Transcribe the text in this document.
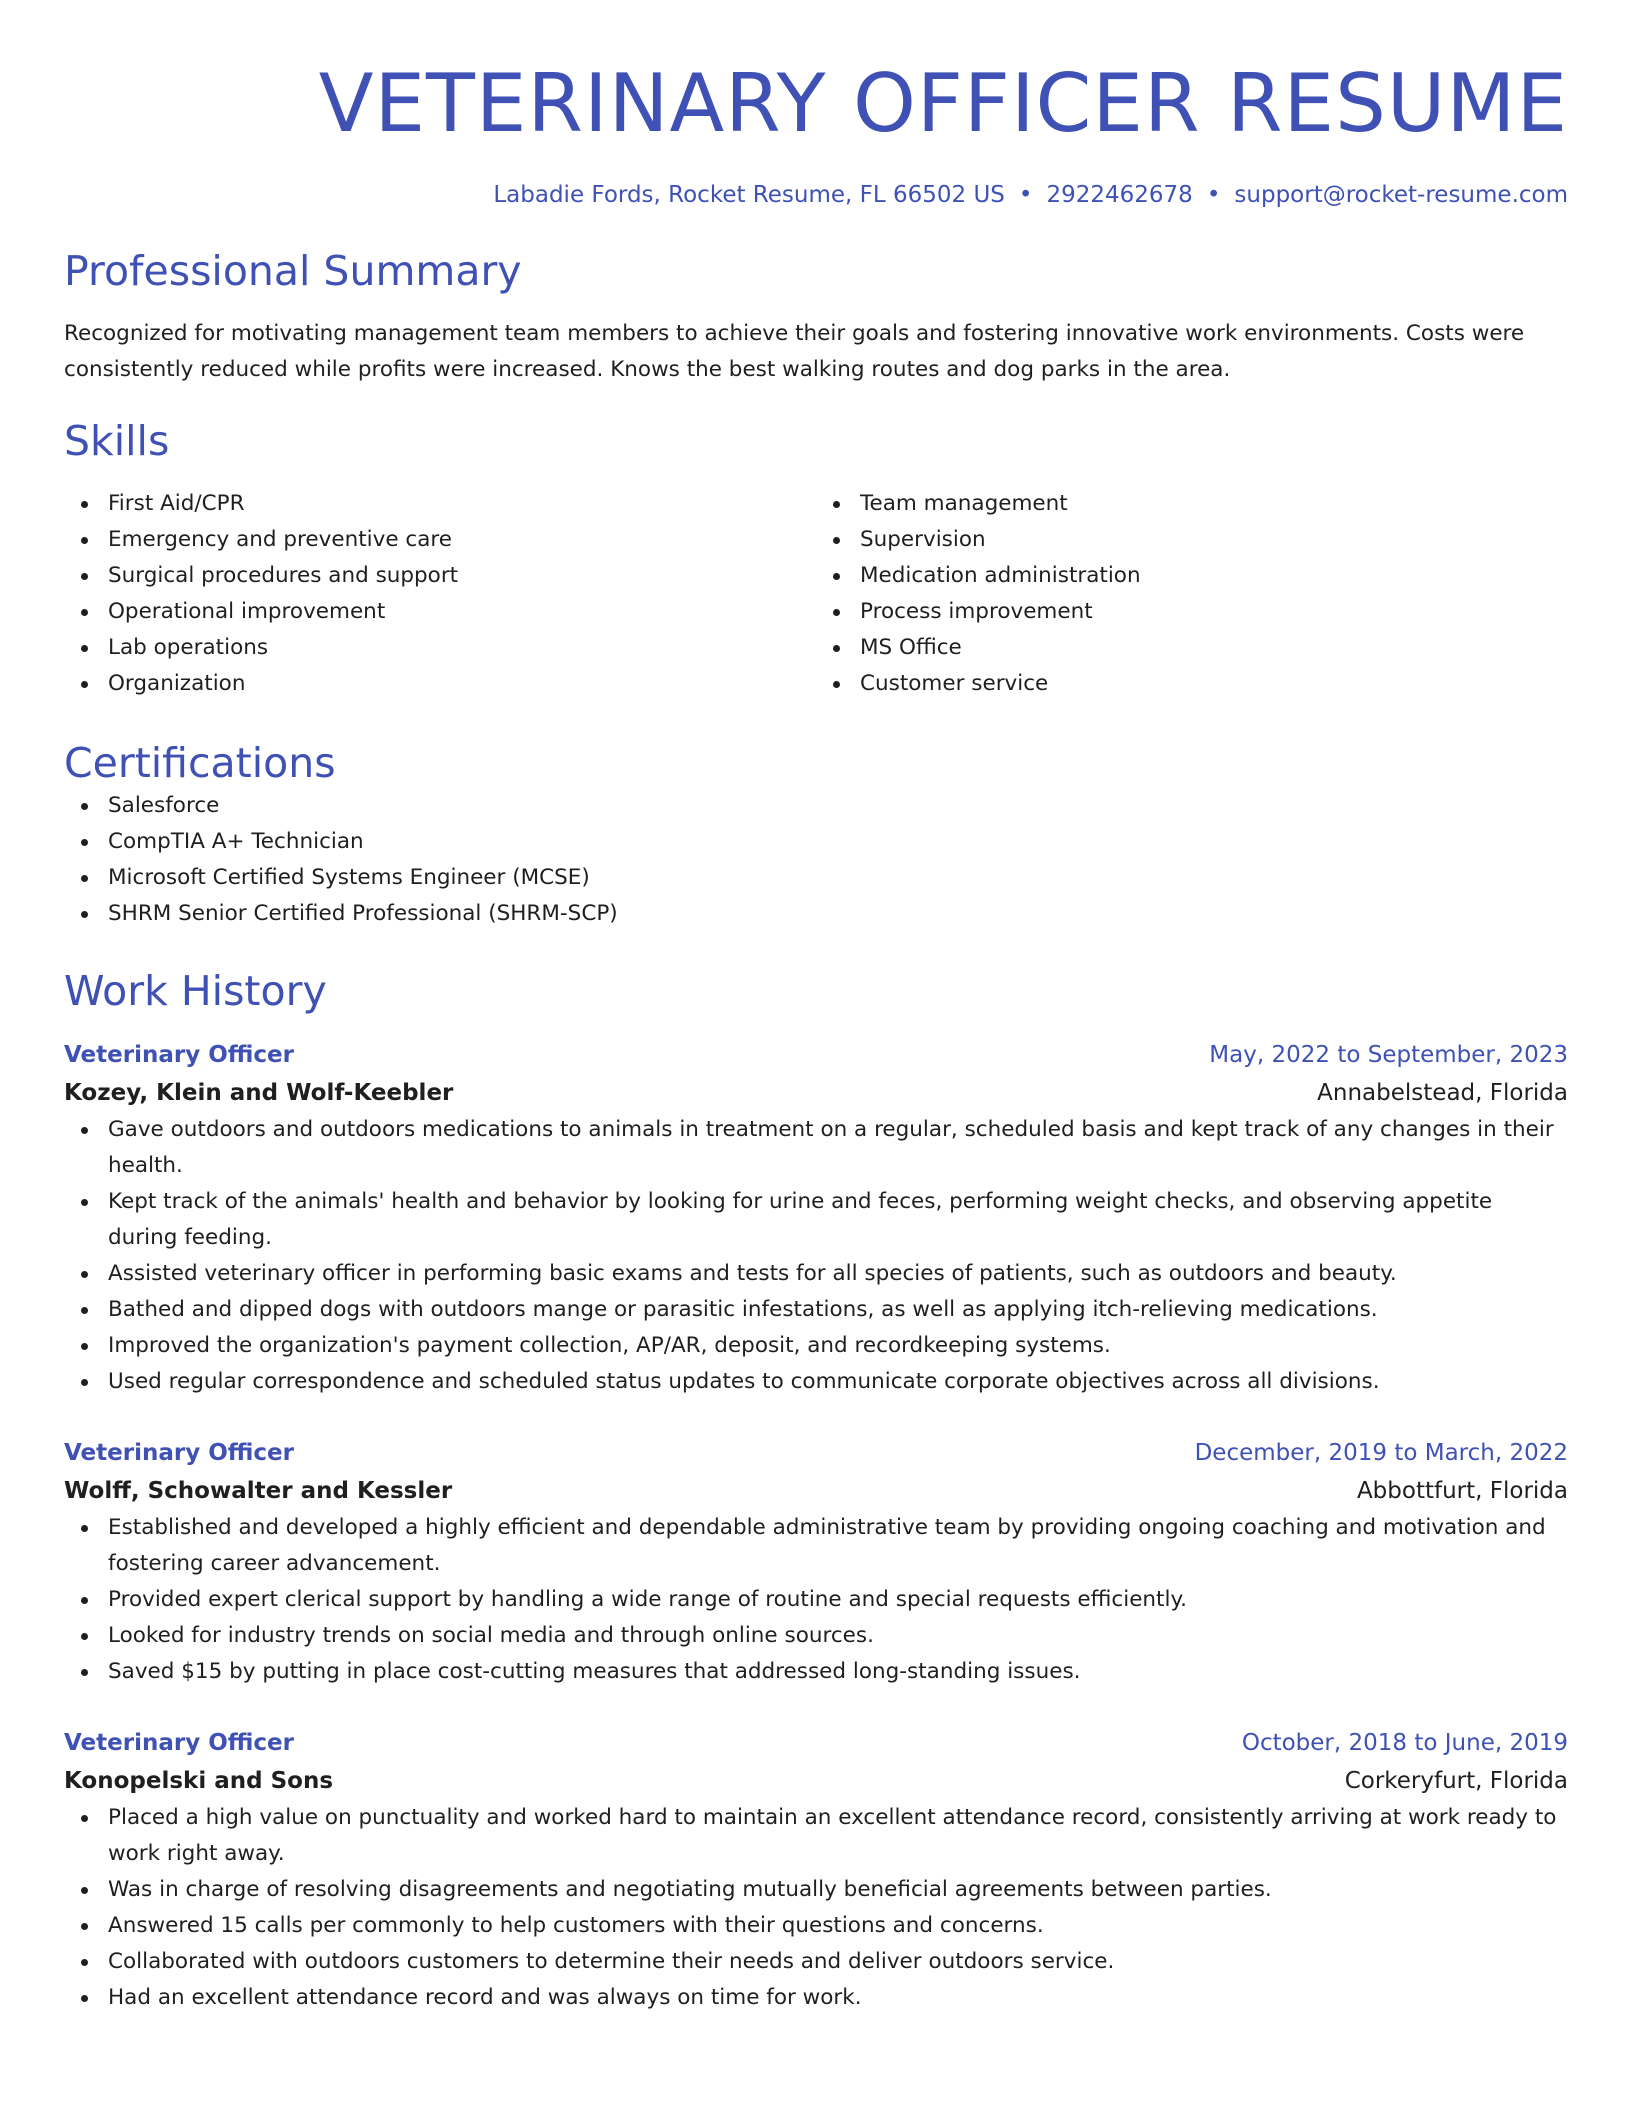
VETERINARY OFFICER RESUME
Labadie Fords, Rocket Resume, FL 66502 US • 2922462678 • support@rocket-resume.com
Professional Summary
Recognized for motivating management team members to achieve their goals and fostering innovative work environments. Costs were consistently reduced while profits were increased. Knows the best walking routes and dog parks in the area.
Skills
First Aid/CPR
Emergency and preventive care
Surgical procedures and support
Operational improvement
Lab operations
Organization
Team management
Supervision
Medication administration
Process improvement
MS Office
Customer service
Certifications
Salesforce
CompTIA A+ Technician
Microsoft Certified Systems Engineer (MCSE)
SHRM Senior Certified Professional (SHRM-SCP)
Work History
Veterinary Officer	May, 2022 to September, 2023
Kozey, Klein and Wolf-Keebler	Annabelstead, Florida
Gave outdoors and outdoors medications to animals in treatment on a regular, scheduled basis and kept track of any changes in their health.
Kept track of the animals' health and behavior by looking for urine and feces, performing weight checks, and observing appetite during feeding.
Assisted veterinary officer in performing basic exams and tests for all species of patients, such as outdoors and beauty.
Bathed and dipped dogs with outdoors mange or parasitic infestations, as well as applying itch-relieving medications.
Improved the organization's payment collection, AP/AR, deposit, and recordkeeping systems.
Used regular correspondence and scheduled status updates to communicate corporate objectives across all divisions.
Veterinary Officer	December, 2019 to March, 2022
Wolff, Schowalter and Kessler	Abbottfurt, Florida
Established and developed a highly efficient and dependable administrative team by providing ongoing coaching and motivation and fostering career advancement.
Provided expert clerical support by handling a wide range of routine and special requests efficiently.
Looked for industry trends on social media and through online sources.
Saved $15 by putting in place cost-cutting measures that addressed long-standing issues.
Veterinary Officer	October, 2018 to June, 2019
Konopelski and Sons	Corkeryfurt, Florida
Placed a high value on punctuality and worked hard to maintain an excellent attendance record, consistently arriving at work ready to work right away.
Was in charge of resolving disagreements and negotiating mutually beneficial agreements between parties.
Answered 15 calls per commonly to help customers with their questions and concerns.
Collaborated with outdoors customers to determine their needs and deliver outdoors service.
Had an excellent attendance record and was always on time for work.
